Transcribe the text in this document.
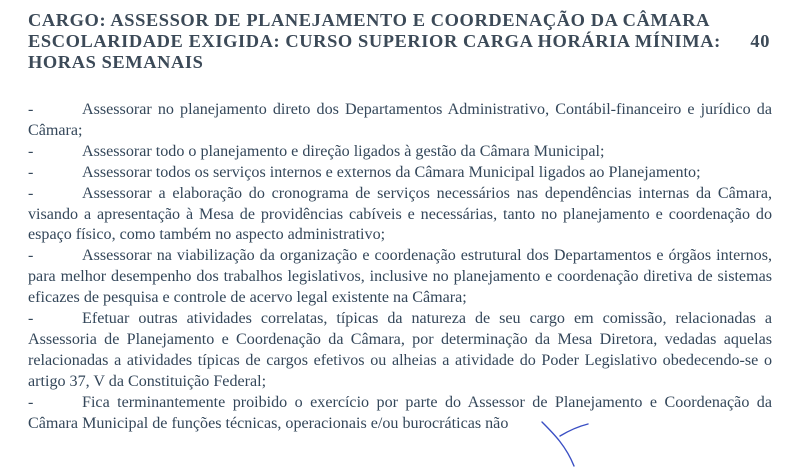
CARGO: ASSESSOR DE PLANEJAMENTO E COORDENAÇÃO DA CÂMARA

ESCOLARIDADE EXIGIDA: CURSO SUPERIOR CARGA HORÁRIA MÍNIMA: 40

HORAS SEMANAIS

-	Assessorar no planejamento direto dos Departamentos Administrativo, Contábil-financeiro e jurídico da Câmara;

-	Assessorar todo o planejamento e direção ligados à gestão da Câmara Municipal;

-	Assessorar todos os serviços internos e externos da Câmara Municipal ligados ao Planejamento;

-	Assessorar a elaboração do cronograma de serviços necessários nas dependências internas da Câmara, visando a apresentação à Mesa de providências cabíveis e necessárias, tanto no planejamento e coordenação do espaço físico, como também no aspecto administrativo;

-	Assessorar na viabilização da organização e coordenação estrutural dos Departamentos e órgãos internos, para melhor desempenho dos trabalhos legislativos, inclusive no planejamento e coordenação diretiva de sistemas eficazes de pesquisa e controle de acervo legal existente na Câmara;

-	Efetuar outras atividades correlatas, típicas da natureza de seu cargo em comissão, relacionadas a Assessoria de Planejamento e Coordenação da Câmara, por determinação da Mesa Diretora, vedadas aquelas relacionadas a atividades típicas de cargos efetivos ou alheias a atividade do Poder Legislativo obedecendo-se o artigo 37, V da Constituição Federal;

-	Fica terminantemente proibido o exercício por parte do Assessor de Planejamento e Coordenação da Câmara Municipal de funções técnicas, operacionais e/ou burocráticas não
